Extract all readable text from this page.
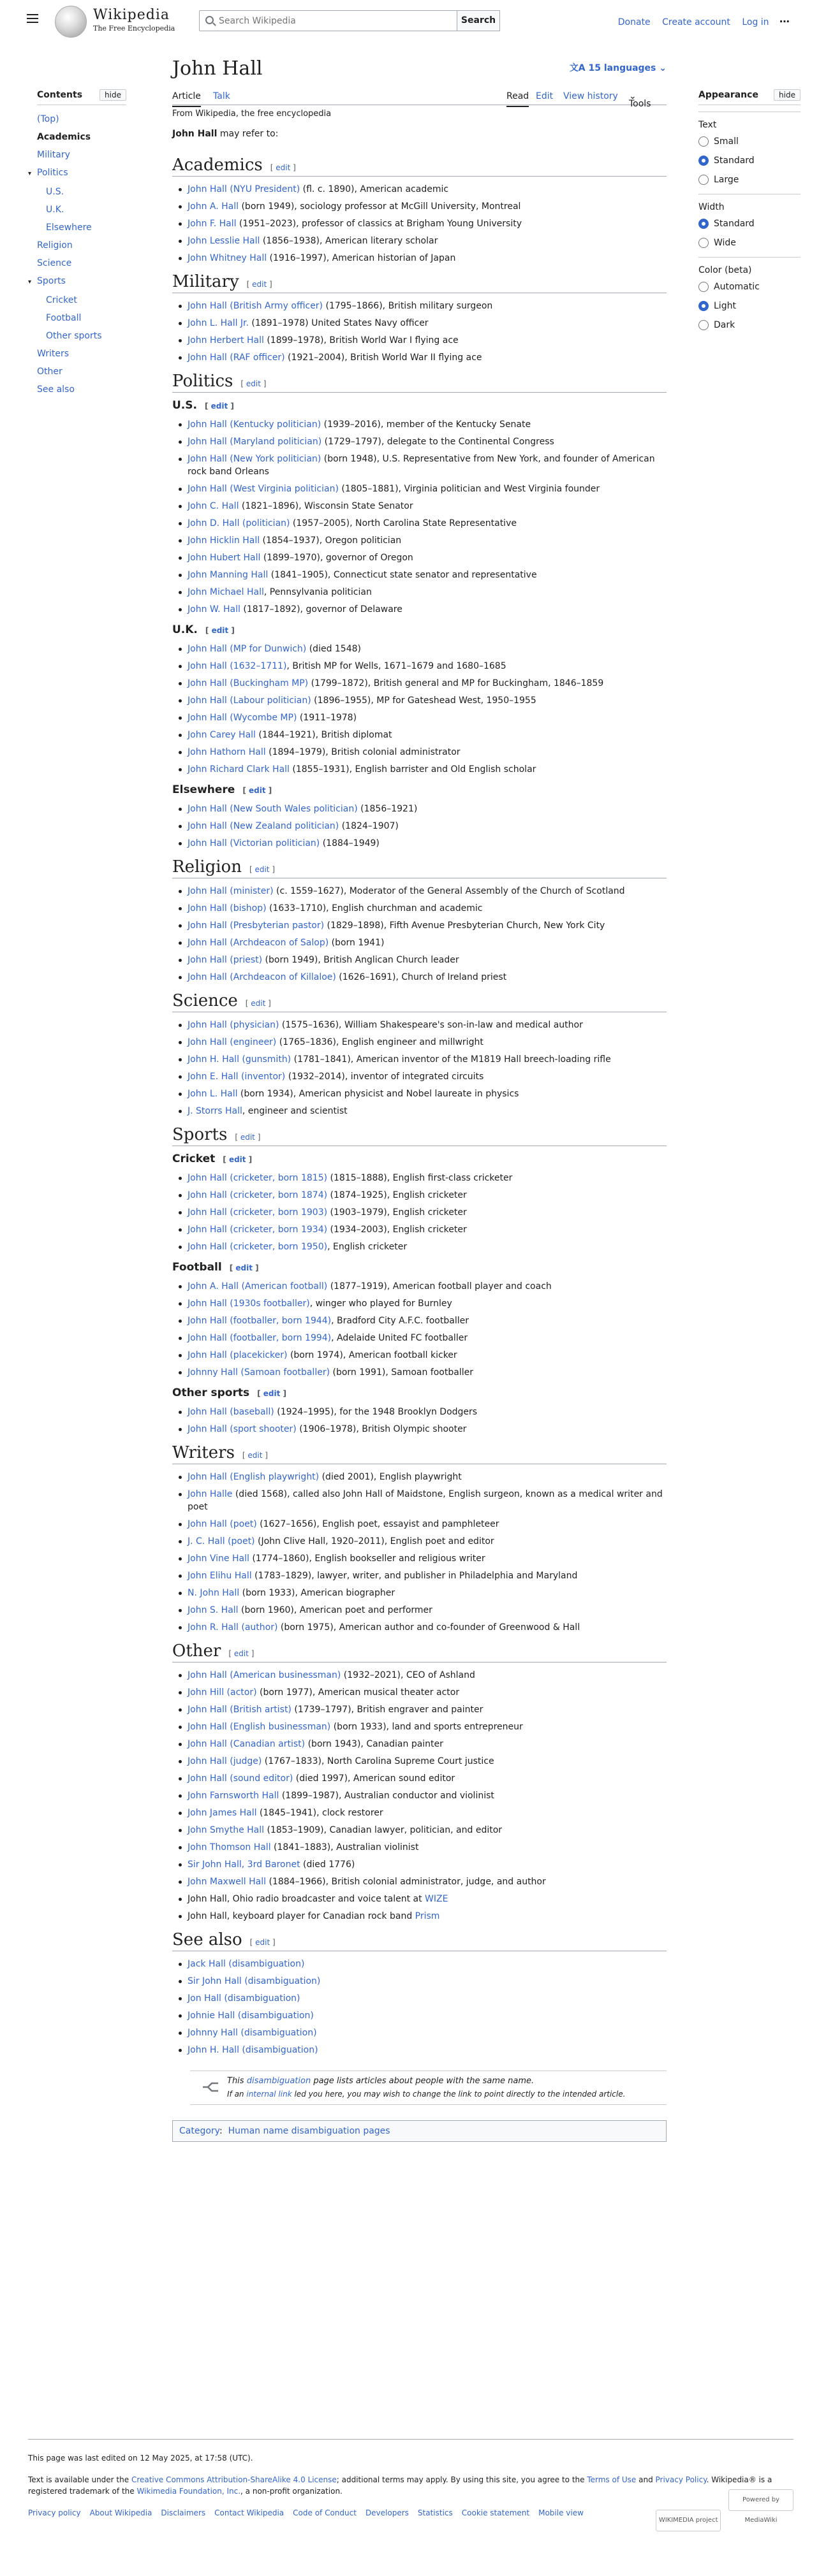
Wikipedia
The Free Encyclopedia
Search Wikipedia
Search	Donate Create account Log in ⋯
Contents	hide
(Top)
Academics
Military
▾ Politics
U.S.
U.K.
Elsewhere
Religion
Science
▾ Sports
Cricket
Football
Other sports
Writers
Other
See also
John Hall	文A 15 languages ⌄
Article Talk	Read Edit View history
Tools
⌄
From Wikipedia, the free encyclopedia
John Hall may refer to:
Academics [ edit ]
John Hall (NYU President) (fl. c. 1890), American academic
John A. Hall (born 1949), sociology professor at McGill University, Montreal
John F. Hall (1951–2023), professor of classics at Brigham Young University
John Lesslie Hall (1856–1938), American literary scholar
John Whitney Hall (1916–1997), American historian of Japan
Military [ edit ]
John Hall (British Army officer) (1795–1866), British military surgeon
John L. Hall Jr. (1891–1978) United States Navy officer
John Herbert Hall (1899–1978), British World War I flying ace
John Hall (RAF officer) (1921–2004), British World War II flying ace
Politics [ edit ]
U.S. [ edit ]
John Hall (Kentucky politician) (1939–2016), member of the Kentucky Senate
John Hall (Maryland politician) (1729–1797), delegate to the Continental Congress
John Hall (New York politician) (born 1948), U.S. Representative from New York, and founder of American rock band Orleans
John Hall (West Virginia politician) (1805–1881), Virginia politician and West Virginia founder
John C. Hall (1821–1896), Wisconsin State Senator
John D. Hall (politician) (1957–2005), North Carolina State Representative
John Hicklin Hall (1854–1937), Oregon politician
John Hubert Hall (1899–1970), governor of Oregon
John Manning Hall (1841–1905), Connecticut state senator and representative
John Michael Hall, Pennsylvania politician
John W. Hall (1817–1892), governor of Delaware
U.K. [ edit ]
John Hall (MP for Dunwich) (died 1548)
John Hall (1632–1711), British MP for Wells, 1671–1679 and 1680–1685
John Hall (Buckingham MP) (1799–1872), British general and MP for Buckingham, 1846–1859
John Hall (Labour politician) (1896–1955), MP for Gateshead West, 1950–1955
John Hall (Wycombe MP) (1911–1978)
John Carey Hall (1844–1921), British diplomat
John Hathorn Hall (1894–1979), British colonial administrator
John Richard Clark Hall (1855–1931), English barrister and Old English scholar
Elsewhere [ edit ]
John Hall (New South Wales politician) (1856–1921)
John Hall (New Zealand politician) (1824–1907)
John Hall (Victorian politician) (1884–1949)
Religion [ edit ]
John Hall (minister) (c. 1559–1627), Moderator of the General Assembly of the Church of Scotland
John Hall (bishop) (1633–1710), English churchman and academic
John Hall (Presbyterian pastor) (1829–1898), Fifth Avenue Presbyterian Church, New York City
John Hall (Archdeacon of Salop) (born 1941)
John Hall (priest) (born 1949), British Anglican Church leader
John Hall (Archdeacon of Killaloe) (1626–1691), Church of Ireland priest
Science [ edit ]
John Hall (physician) (1575–1636), William Shakespeare's son-in-law and medical author
John Hall (engineer) (1765–1836), English engineer and millwright
John H. Hall (gunsmith) (1781–1841), American inventor of the M1819 Hall breech-loading rifle
John E. Hall (inventor) (1932–2014), inventor of integrated circuits
John L. Hall (born 1934), American physicist and Nobel laureate in physics
J. Storrs Hall, engineer and scientist
Sports [ edit ]
Cricket [ edit ]
John Hall (cricketer, born 1815) (1815–1888), English first-class cricketer
John Hall (cricketer, born 1874) (1874–1925), English cricketer
John Hall (cricketer, born 1903) (1903–1979), English cricketer
John Hall (cricketer, born 1934) (1934–2003), English cricketer
John Hall (cricketer, born 1950), English cricketer
Football [ edit ]
John A. Hall (American football) (1877–1919), American football player and coach
John Hall (1930s footballer), winger who played for Burnley
John Hall (footballer, born 1944), Bradford City A.F.C. footballer
John Hall (footballer, born 1994), Adelaide United FC footballer
John Hall (placekicker) (born 1974), American football kicker
Johnny Hall (Samoan footballer) (born 1991), Samoan footballer
Other sports [ edit ]
John Hall (baseball) (1924–1995), for the 1948 Brooklyn Dodgers
John Hall (sport shooter) (1906–1978), British Olympic shooter
Writers [ edit ]
John Hall (English playwright) (died 2001), English playwright
John Halle (died 1568), called also John Hall of Maidstone, English surgeon, known as a medical writer and poet
John Hall (poet) (1627–1656), English poet, essayist and pamphleteer
J. C. Hall (poet) (John Clive Hall, 1920–2011), English poet and editor
John Vine Hall (1774–1860), English bookseller and religious writer
John Elihu Hall (1783–1829), lawyer, writer, and publisher in Philadelphia and Maryland
N. John Hall (born 1933), American biographer
John S. Hall (born 1960), American poet and performer
John R. Hall (author) (born 1975), American author and co-founder of Greenwood & Hall
Other [ edit ]
John Hall (American businessman) (1932–2021), CEO of Ashland
John Hill (actor) (born 1977), American musical theater actor
John Hall (British artist) (1739–1797), British engraver and painter
John Hall (English businessman) (born 1933), land and sports entrepreneur
John Hall (Canadian artist) (born 1943), Canadian painter
John Hall (judge) (1767–1833), North Carolina Supreme Court justice
John Hall (sound editor) (died 1997), American sound editor
John Farnsworth Hall (1899–1987), Australian conductor and violinist
John James Hall (1845–1941), clock restorer
John Smythe Hall (1853–1909), Canadian lawyer, politician, and editor
John Thomson Hall (1841–1883), Australian violinist
Sir John Hall, 3rd Baronet (died 1776)
John Maxwell Hall (1884–1966), British colonial administrator, judge, and author
John Hall, Ohio radio broadcaster and voice talent at WIZE
John Hall, keyboard player for Canadian rock band Prism
See also [ edit ]
Jack Hall (disambiguation)
Sir John Hall (disambiguation)
Jon Hall (disambiguation)
Johnie Hall (disambiguation)
Johnny Hall (disambiguation)
John H. Hall (disambiguation)
This disambiguation page lists articles about people with the same name.
If an internal link led you here, you may wish to change the link to point directly to the intended article.
Category:  Human name disambiguation pages
Appearance	hide
Text
Small
Standard
Large
Width
Standard
Wide
Color (beta)
Automatic
Light
Dark

This page was last edited on 12 May 2025, at 17:58 (UTC).

Text is available under the Creative Commons Attribution-ShareAlike 4.0 License; additional terms may apply. By using this site, you agree to the Terms of Use and Privacy Policy. Wikipedia® is a registered trademark of the Wikimedia Foundation, Inc., a non-profit organization.

Privacy policy About Wikipedia Disclaimers Contact Wikipedia Code of Conduct Developers Statistics Cookie statement Mobile view

WIKIMEDIA project Powered by MediaWiki
